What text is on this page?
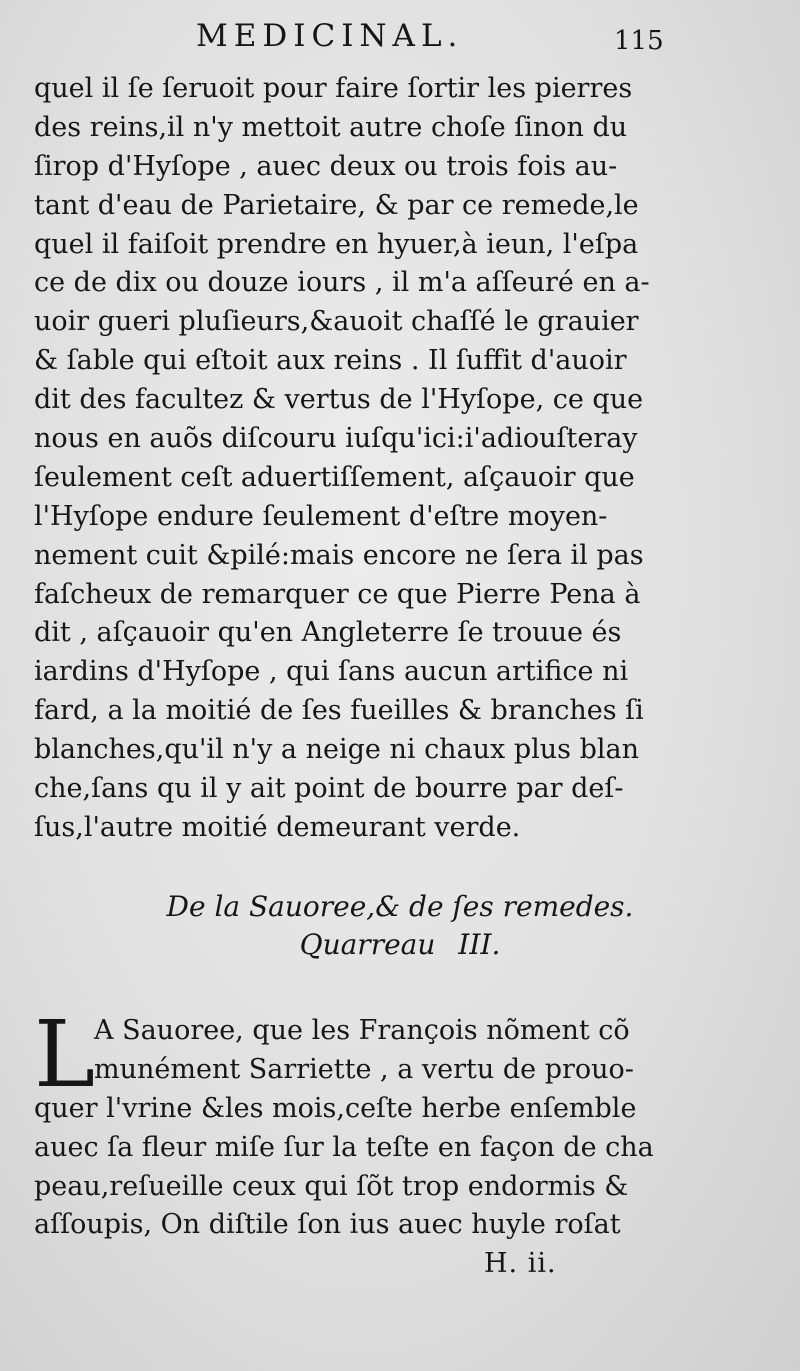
MEDICINAL.	115
quel il ſe ſeruoit pour faire ſortir les pierres
des reins,il n'y mettoit autre choſe ſinon du
ſirop d'Hyſope , auec deux ou trois fois au-
tant d'eau de Parietaire, & par ce remede,le
quel il faiſoit prendre en hyuer,à ieun, l'eſpa
ce de dix ou douze iours , il m'a aſſeuré en a-
uoir gueri pluſieurs,&auoit chaſſé le grauier
& ſable qui eſtoit aux reins . Il ſuffit d'auoir
dit des facultez & vertus de l'Hyſope, ce que
nous en auõs diſcouru iuſqu'ici:i'adiouſteray
ſeulement ceſt aduertiſſement, aſçauoir que
l'Hyſope endure ſeulement d'eſtre moyen-
nement cuit &pilé:mais encore ne ſera il pas
faſcheux de remarquer ce que Pierre Pena à
dit , aſçauoir qu'en Angleterre ſe trouue és
iardins d'Hyſope , qui ſans aucun artifice ni
fard, a la moitié de ſes fueilles & branches ſi
blanches,qu'il n'y a neige ni chaux plus blan
che,ſans qu il y ait point de bourre par deſ-
ſus,l'autre moitié demeurant verde.
De la Sauoree,& de ſes remedes.
Quarreau III.
L
A Sauoree, que les François nõment cõ
munément Sarriette , a vertu de prouo-
quer l'vrine &les mois,ceſte herbe enſemble
auec ſa fleur miſe ſur la teſte en façon de cha
peau,reſueille ceux qui ſõt trop endormis &
aſſoupis, On diſtile ſon ius auec huyle roſat
H. ii.
